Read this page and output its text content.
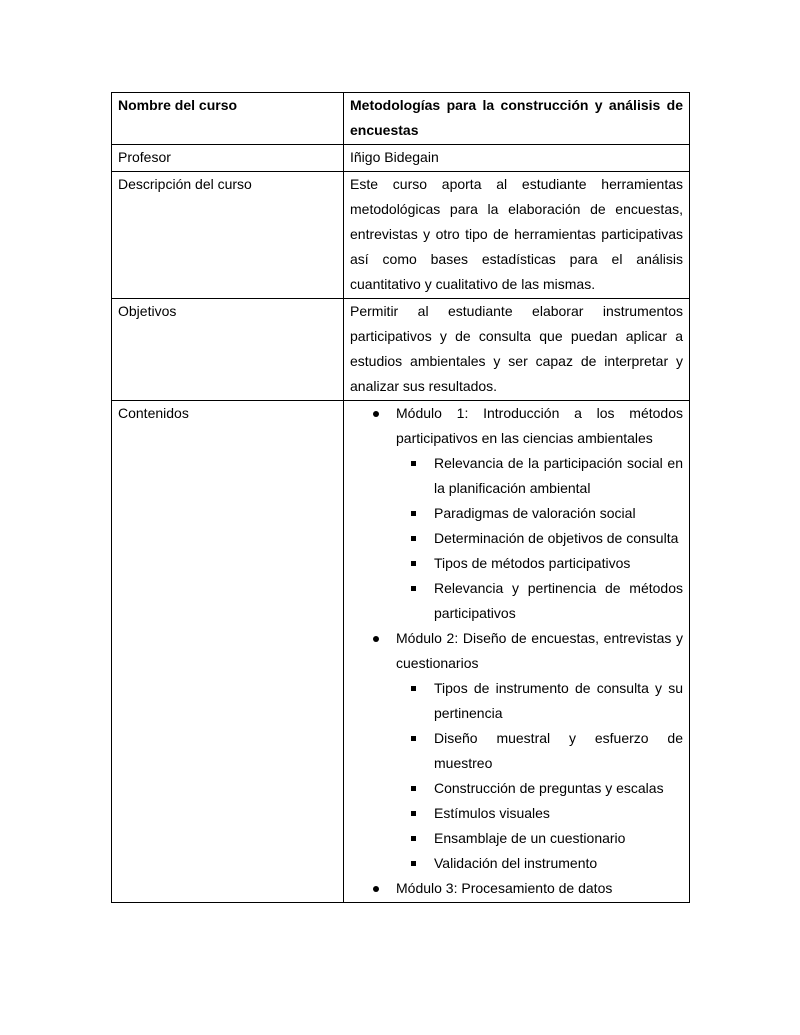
Nombre del curso	Metodologías para la construcción y análisis de encuestas
Profesor	Iñigo Bidegain
Descripción del curso	Este curso aporta al estudiante herramientas metodológicas para la elaboración de encuestas, entrevistas y otro tipo de herramientas participativas así como bases estadísticas para el análisis cuantitativo y cualitativo de las mismas.
Objetivos	Permitir al estudiante elaborar instrumentos participativos y de consulta que puedan aplicar a estudios ambientales y ser capaz de interpretar y analizar sus resultados.
Contenidos	Módulo 1: Introducción a los métodos participativos en las ciencias ambientales
Relevancia de la participación social en la planificación ambiental
Paradigmas de valoración social
Determinación de objetivos de consulta
Tipos de métodos participativos
Relevancia y pertinencia de métodos participativos
Módulo 2: Diseño de encuestas, entrevistas y cuestionarios
Tipos de instrumento de consulta y su pertinencia
Diseño muestral y esfuerzo de muestreo
Construcción de preguntas y escalas
Estímulos visuales
Ensamblaje de un cuestionario
Validación del instrumento
Módulo 3: Procesamiento de datos
